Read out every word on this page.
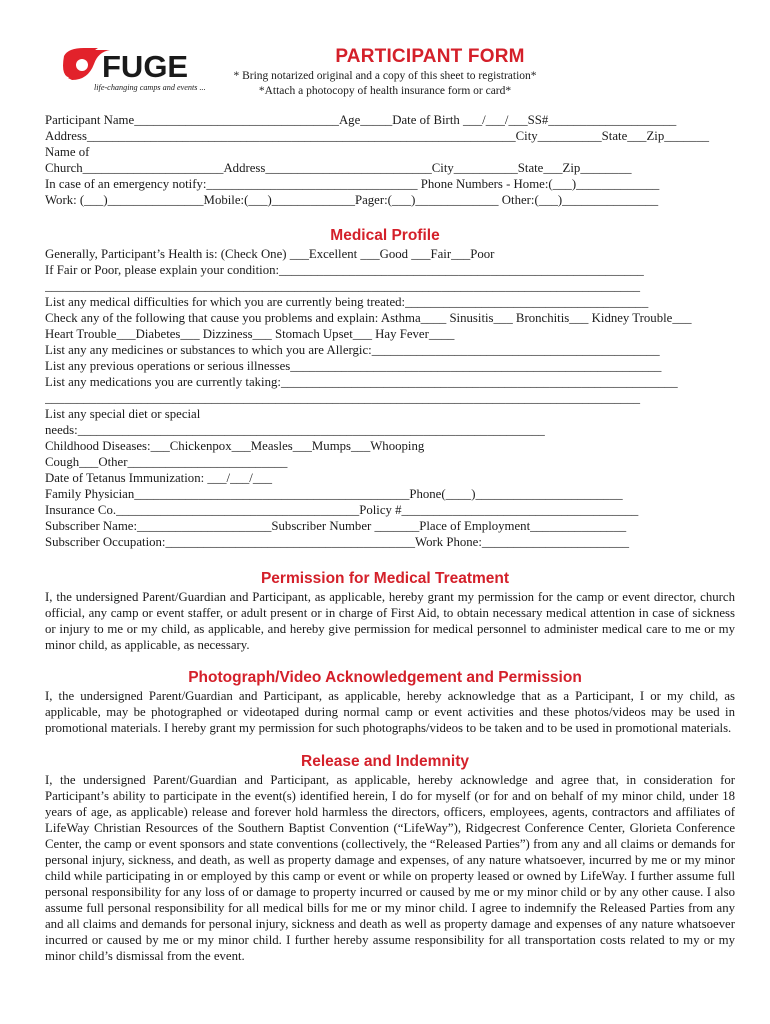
FUGE
life-changing camps and events ...
PARTICIPANT FORM
* Bring notarized original and a copy of this sheet to registration*
*Attach a photocopy of health insurance form or card*
Participant Name________________________________Age_____Date of Birth ___/___/___SS#____________________
Address___________________________________________________________________City__________State___Zip_______
Name of
Church______________________Address__________________________City__________State___Zip________
In case of an emergency notify:_________________________________ Phone Numbers - Home:(___)_____________
Work: (___)_______________Mobile:(___)_____________Pager:(___)_____________ Other:(___)_______________
Medical Profile
Generally, Participant’s Health is: (Check One) ___Excellent ___Good ___Fair___Poor
If Fair or Poor, please explain your condition:_________________________________________________________
_____________________________________________________________________________________________
List any medical difficulties for which you are currently being treated:______________________________________
Check any of the following that cause you problems and explain: Asthma____ Sinusitis___ Bronchitis___ Kidney Trouble___
Heart Trouble___Diabetes___ Dizziness___ Stomach Upset___ Hay Fever____
List any any medicines or substances to which you are Allergic:_____________________________________________
List any previous operations or serious illnesses__________________________________________________________
List any medications you are currently taking:______________________________________________________________
_____________________________________________________________________________________________
List any special diet or special
needs:_________________________________________________________________________
Childhood Diseases:___Chickenpox___Measles___Mumps___Whooping
Cough___Other_________________________
Date of Tetanus Immunization: ___/___/___
Family Physician___________________________________________Phone(____)_______________________
Insurance Co.______________________________________Policy #_____________________________________
Subscriber Name:_____________________Subscriber Number _______Place of Employment_______________
Subscriber Occupation:_______________________________________Work Phone:_______________________
Permission for Medical Treatment
I, the undersigned Parent/Guardian and Participant, as applicable, hereby grant my permission for the camp or event director, church official, any camp or event staffer, or adult present or in charge of First Aid, to obtain necessary medical attention in case of sickness or injury to me or my child, as applicable, and hereby give permission for medical personnel to administer medical care to me or my minor child, as applicable, as necessary.
Photograph/Video Acknowledgement and Permission
I, the undersigned Parent/Guardian and Participant, as applicable, hereby acknowledge that as a Participant, I or my child, as applicable, may be photographed or videotaped during normal camp or event activities and these photos/videos may be used in promotional materials. I hereby grant my permission for such photographs/videos to be taken and to be used in promotional materials.
Release and Indemnity
I, the undersigned Parent/Guardian and Participant, as applicable, hereby acknowledge and agree that, in consideration for Participant’s ability to participate in the event(s) identified herein, I do for myself (or for and on behalf of my minor child, under 18 years of age, as applicable) release and forever hold harmless the directors, officers, employees, agents, contractors and affiliates of LifeWay Christian Resources of the Southern Baptist Convention (“LifeWay”), Ridgecrest Conference Center, Glorieta Conference Center, the camp or event sponsors and state conventions (collectively, the “Released Parties”) from any and all claims or demands for personal injury, sickness, and death, as well as property damage and expenses, of any nature whatsoever, incurred by me or my minor child while participating in or employed by this camp or event or while on property leased or owned by LifeWay. I further assume full personal responsibility for any loss of or damage to property incurred or caused by me or my minor child or by any other cause. I also assume full personal responsibility for all medical bills for me or my minor child. I agree to indemnify the Released Parties from any and all claims and demands for personal injury, sickness and death as well as property damage and expenses of any nature whatsoever incurred or caused by me or my minor child. I further hereby assume responsibility for all transportation costs related to my or my minor child’s dismissal from the event.
